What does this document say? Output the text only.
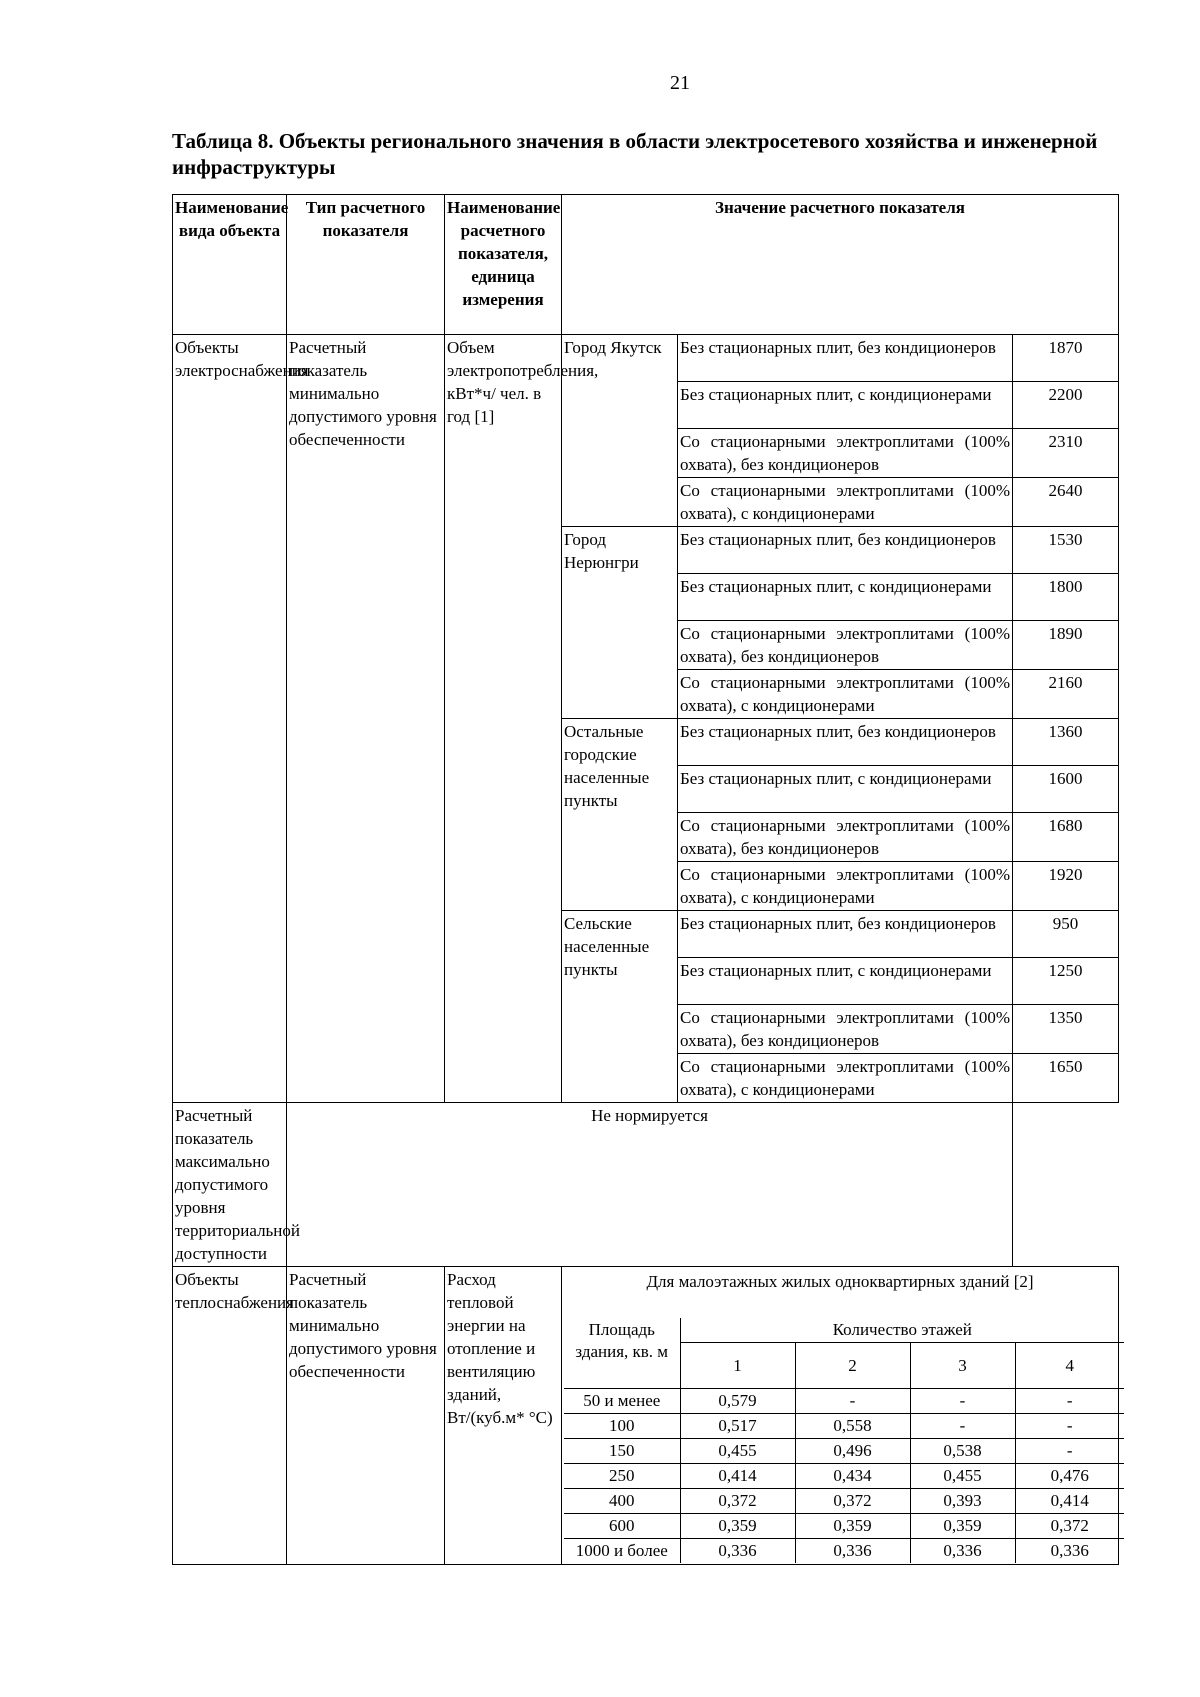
21
Таблица 8. Объекты регионального значения в области электросетевого хозяйства и инженерной инфраструктуры
Наименование вида объекта	Тип расчетного показателя	Наименование расчетного показателя, единица измерения	Значение расчетного показателя
Объекты электроснабжения	Расчетный показатель минимально допустимого уровня обеспеченности	Объем электропотребления, кВт*ч/ чел. в год [1]	Город Якутск	Без стационарных плит, без кондиционеров	1870
Без стационарных плит, с кондиционерами	2200
Со стационарными электроплитами (100% охвата), без кондиционеров	2310
Со стационарными электроплитами (100% охвата), с кондиционерами	2640
Город Нерюнгри	Без стационарных плит, без кондиционеров	1530
Без стационарных плит, с кондиционерами	1800
Со стационарными электроплитами (100% охвата), без кондиционеров	1890
Со стационарными электроплитами (100% охвата), с кондиционерами	2160
Остальные городские населенные пункты	Без стационарных плит, без кондиционеров	1360
Без стационарных плит, с кондиционерами	1600
Со стационарными электроплитами (100% охвата), без кондиционеров	1680
Со стационарными электроплитами (100% охвата), с кондиционерами	1920
Сельские населенные пункты	Без стационарных плит, без кондиционеров	950
Без стационарных плит, с кондиционерами	1250
Со стационарными электроплитами (100% охвата), без кондиционеров	1350
Со стационарными электроплитами (100% охвата), с кондиционерами	1650
Расчетный показатель максимально допустимого уровня территориальной доступности	Не нормируется
Объекты теплоснабжения	Расчетный показатель минимально допустимого уровня обеспеченности	Расход тепловой энергии на отопление и вентиляцию зданий, Вт/(куб.м* °С)	
Для малоэтажных жилых одноквартирных зданий [2]
Площадь здания, кв. м	Количество этажей
1	2	3	4
50 и менее	0,579	-	-	-
100	0,517	0,558	-	-
150	0,455	0,496	0,538	-
250	0,414	0,434	0,455	0,476
400	0,372	0,372	0,393	0,414
600	0,359	0,359	0,359	0,372
1000 и более	0,336	0,336	0,336	0,336
